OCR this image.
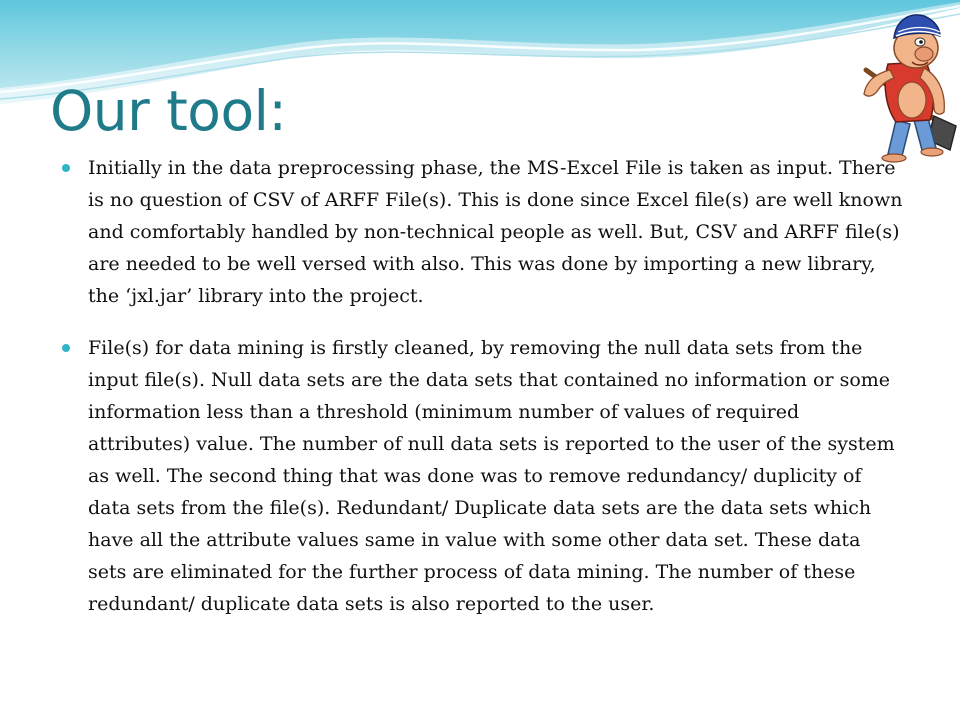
Our tool:
Initially in the data preprocessing phase, the MS-Excel File is taken as input. There is no question of CSV of ARFF File(s). This is done since Excel file(s) are well known and comfortably handled by non-technical people as well. But, CSV and ARFF file(s) are needed to be well versed with also. This was done by importing a new library, the ‘jxl.jar’ library into the project.
File(s) for data mining is firstly cleaned, by removing the null data sets from the input file(s). Null data sets are the data sets that contained no information or some information less than a threshold (minimum number of values of required attributes) value. The number of null data sets is reported to the user of the system as well. The second thing that was done was to remove redundancy/ duplicity of data sets from the file(s). Redundant/ Duplicate data sets are the data sets which have all the attribute values same in value with some other data set. These data sets are eliminated for the further process of data mining. The number of these redundant/ duplicate data sets is also reported to the user.
